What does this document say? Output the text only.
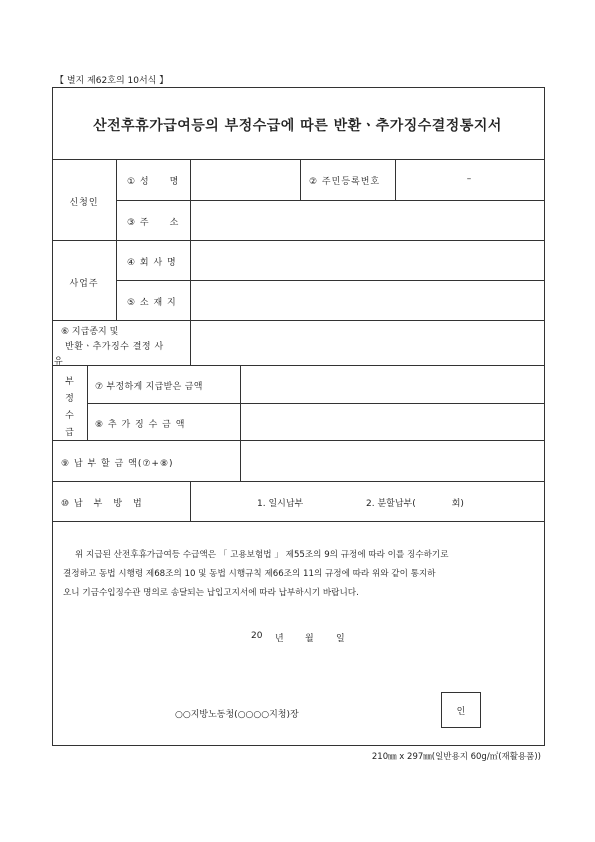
【 별지 제62호의 10서식 】
산전후휴가급여등의 부정수급에 따른 반환ㆍ추가징수결정통지서
신청인
① 성　　명	② 주민등록번호	–
③ 주　　소
사업주
④ 회 사 명
⑤ 소 재 지
⑥ 지급종지 및
반환ㆍ추가징수 결정 사
유
부
정
수
급
⑦ 부정하게 지급받은 금액
⑧ 추 가 징 수 금 액
⑨ 납 부 할 금 액(⑦+⑧)
⑩ 납　부　방　법	1. 일시납부	2. 분할납부(　　　　회)
위 지급된 산전후휴가급여등 수급액은 「 고용보험법 」 제55조의 9의 규정에 따라 이를 징수하기로
결정하고 동법 시행령 제68조의 10 및 동법 시행규칙 제66조의 11의 규정에 따라 위와 같이 통지하
오니 기금수입징수관 명의로 송달되는 납입고지서에 따라 납부하시기 바랍니다.
20 년 월 일
○○지방노동청(○○○○지청)장	인
210㎜ x 297㎜(일반용지 60g/㎡(재활용품))
